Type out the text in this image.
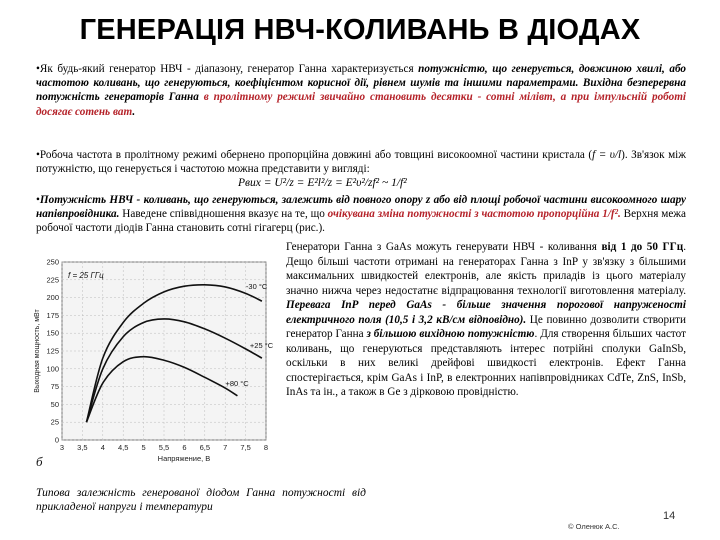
ГЕНЕРАЦІЯ НВЧ-КОЛИВАНЬ В ДІОДАХ

•Як будь-який генератор НВЧ - діапазону, генератор Ганна характеризується потужністю, що генерується, довжиною хвилі, або частотою коливань, що генеруються, коефіцієнтом корисної дії, рівнем шумів та іншими параметрами. Вихідна безперервна потужність генераторів Ганна в пролітному режимі звичайно становить десятки - сотні мілівт, а при імпульсній роботі досягає сотень ват.

•Робоча частота в пролітному режимі обернено пропорційна довжині або товщині високоомної частини кристала (f = υ/l). Зв'язок між потужністю, що генерується і частотою можна представити у вигляді:

Рвих = U²/z = E²l²/z = E²υ²/zf² ~ 1/f²

•Потужність НВЧ - коливань, що генеруються, залежить від повного опору z або від площі робочої частини високоомного шару напівпровідника. Наведене співвідношення вказує на те, що очікувана зміна потужності з частотою пропорційна 1/f². Верхня межа робочої частоти діодів Ганна становить сотні гігагерц (рис.).

Генератори Ганна з GaAs можуть генерувати НВЧ - коливання від 1 до 50 ГГц. Дещо більші частоти отримані на генераторах Ганна з InP у зв'язку з більшими максимальних швидкостей електронів, але якість приладів із цього матеріалу значно нижча через недостатнє відпрацювання технології виготовлення матеріалу. Перевага InP перед GaAs - більше значення порогової напруженості електричного поля (10,5 і 3,2 кВ/см відповідно). Це повинно дозволити створити генератор Ганна з більшою вихідною потужністю. Для створення більших частот коливань, що генеруються представляють інтерес потрійні сполуки GaInSb, оскільки в них великі дрейфові швидкості електронів. Ефект Ганна спостерігається, крім GaAs і InP, в електронних напівпровідниках CdTe, ZnS, InSb, InAs та ін., а також в Ge з дірковою провідністю.

3 3,5 4 4,5 5 5,5 6 6,5 7 7,5 8
0
25
50
75
100
125
150
175
200
225
250
Напряжение, В
Выходная мощность, мВт
-30 °C
+25 °C
+80 °C
f = 25 ГГц
б

Типова залежність генерованої діодом Ганна потужності від прикладеної напруги і температури

14
© Оленюк А.С.
